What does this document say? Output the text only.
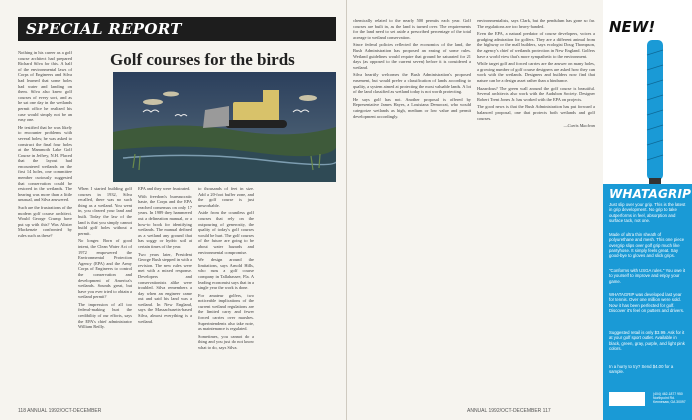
SPECIAL REPORT
Golf courses for the birds

Nothing in his career as a golf course architect had prepared Richard Silva for this. A half of the environmental laws of Corps of Engineers and Silva had learned that some holes had water and landing on them. Silva also knew golf courses of every sort, and as he sat one day in the wetlands permit office he realized his case would simply not be an easy one.

He testified that he was likely to encounter problems with several holes; he was asked to construct the final four holes at the Mammoth Lake Golf Course in Jeffrey, N.H. Placed that the layout had encountered wetlands on the first 14 holes, one committee member curiously suggested that conservation could be restored in the wetlands. The hearing was more than a little unusual, and Silva answered.

Such are the frustrations of the modern golf course architect. Would George Crump have put up with this? Was Alister Mackenzie confronted by rules such as these?

When I started building golf courses in 1932, Silva recalled, there was no such thing as a wetland. You went in, you cleared your land and built. Today the law of the land is that you simply cannot build golf holes without a permit.

No longer. Born of good intent, the Clean Water Act of 1972 empowered the Environmental Protection Agency (EPA) and the Army Corps of Engineers to control the conservation and development of America's wetlands. Sounds great, but have you ever tried to obtain a wetland permit?

The impression of all too federal-making hurt the credibility of our efforts, says the EPA's chief administrator William Reilly.

EPA and they were frustrated.

With freedom's bureaucratic haste, the Corps and the EPA reached consensus on only 17 years. In 1989 they hammered out a delineation manual, or a how-to book for identifying wetlands. The manual defined as a wetland any ground that has soggy or hydric soil at certain times of the year.

Two years later, President George Bush stepped in with a revision. The new rules were met with a mixed response. Developers and conservationists alike were troubled. Silva remembers a day when an engineer came out and said his land was a wetland. In New England, says the Massachusetts-based Silva, almost everything is a wetland.

to thousands of feet in size. Add a 20-foot buffer zone, and the golf course is just unworkable.

Aside from the countless golf courses that rely on the outpouring of generosity, the quality of today's golf courses would be hurt. The golf courses of the future are going to be about water hazards and environmental compromise.

We design around the limitations, says Arnold Hills, who runs a golf course company in Tallahassee, Fla. A leading economist says that in a single year the work is done.

For amateur golfers, two noticeable implications of the current wetland regulations are the limited carry and fewer forced carries over marshes. Superintendents also take note, as maintenance is regulated.

Sometimes, you cannot do a thing and you just do not know what to do, says Silva.

118 ANNUAL 1992/OCT-DECEMBER

chemically related to the nearly 500 permits each year. Golf courses are built in, as the land is turned over. The requirements for the land need to set aside a prescribed percentage of the total acreage to wetland conservation.

Since federal policies reflected the economics of the land, the Bush Administration has proposed an easing of some rules. Wetland guidelines would require that ground be saturated for 21 days (as opposed to the current seven) before it is considered a wetland.

Silva heartily welcomes the Bush Administration's proposed easement, but would prefer a classification of lands according to quality, a system aimed at protecting the most valuable lands. A lot of the land classified as wetland today is not worth protecting.

He says golf has not. Another proposal is offered by Representative James Hayes, a Louisiana Democrat, who would categorize wetlands as high, medium or low value and permit development accordingly.

environmentalists, says Clark, but the pendulum has gone so far. The regulations are too heavy-handed.

Even the EPA, a natural predator of course developers, voices a grudging admiration for golfers. They are a different animal from the highway or the mall builders, says ecologist Doug Thompson, the agency's chief of wetlands protection in New England. Golfers have a world view that's more sympathetic to the environment.

While target golf and forced carries are the answer on many holes, a growing number of golf course designers are asked how they can work with the wetlands. Designers and builders now find that nature can be a design asset rather than a hindrance.

Hazardous? The green wall around the golf course is beautiful. Several architects also work with the Audubon Society. Designer Robert Trent Jones Jr. has worked with the EPA on projects.

The good news is that the Bush Administration has put forward a balanced proposal, one that protects both wetlands and golf courses.

—Curtis Maclean

ANNUAL 1992/OCT-DECEMBER 117
NEW!
WHATAGRIP
Just slip over your grip. This is the latest in grip development. No grip to take outperforms in feel, absorption and surface tack, not one.
Made of ultra thin sheath of polyurethane and mesh. This one piece overgrip slips over golf grip much like pantyhose. It simply feels great. Say good-bye to gloves and slick grips.
"Conforms with USGA rules." You owe it to yourself to improve and enjoy your game.
WHATAGRIP was developed last year for tennis. Over one million were sold. Now it has been perfected for golf. Discover it's feel on putters and drivers.
Suggested retail is only $3.99. Ask for it at your golf sport outlet. Available in black, green, gray, purple, and light pink colors.
In a hurry to try? Send $4.00 for a sample.
(404) 462-1877 950 Northpoint Rd. Kennesaw, GA 30097
